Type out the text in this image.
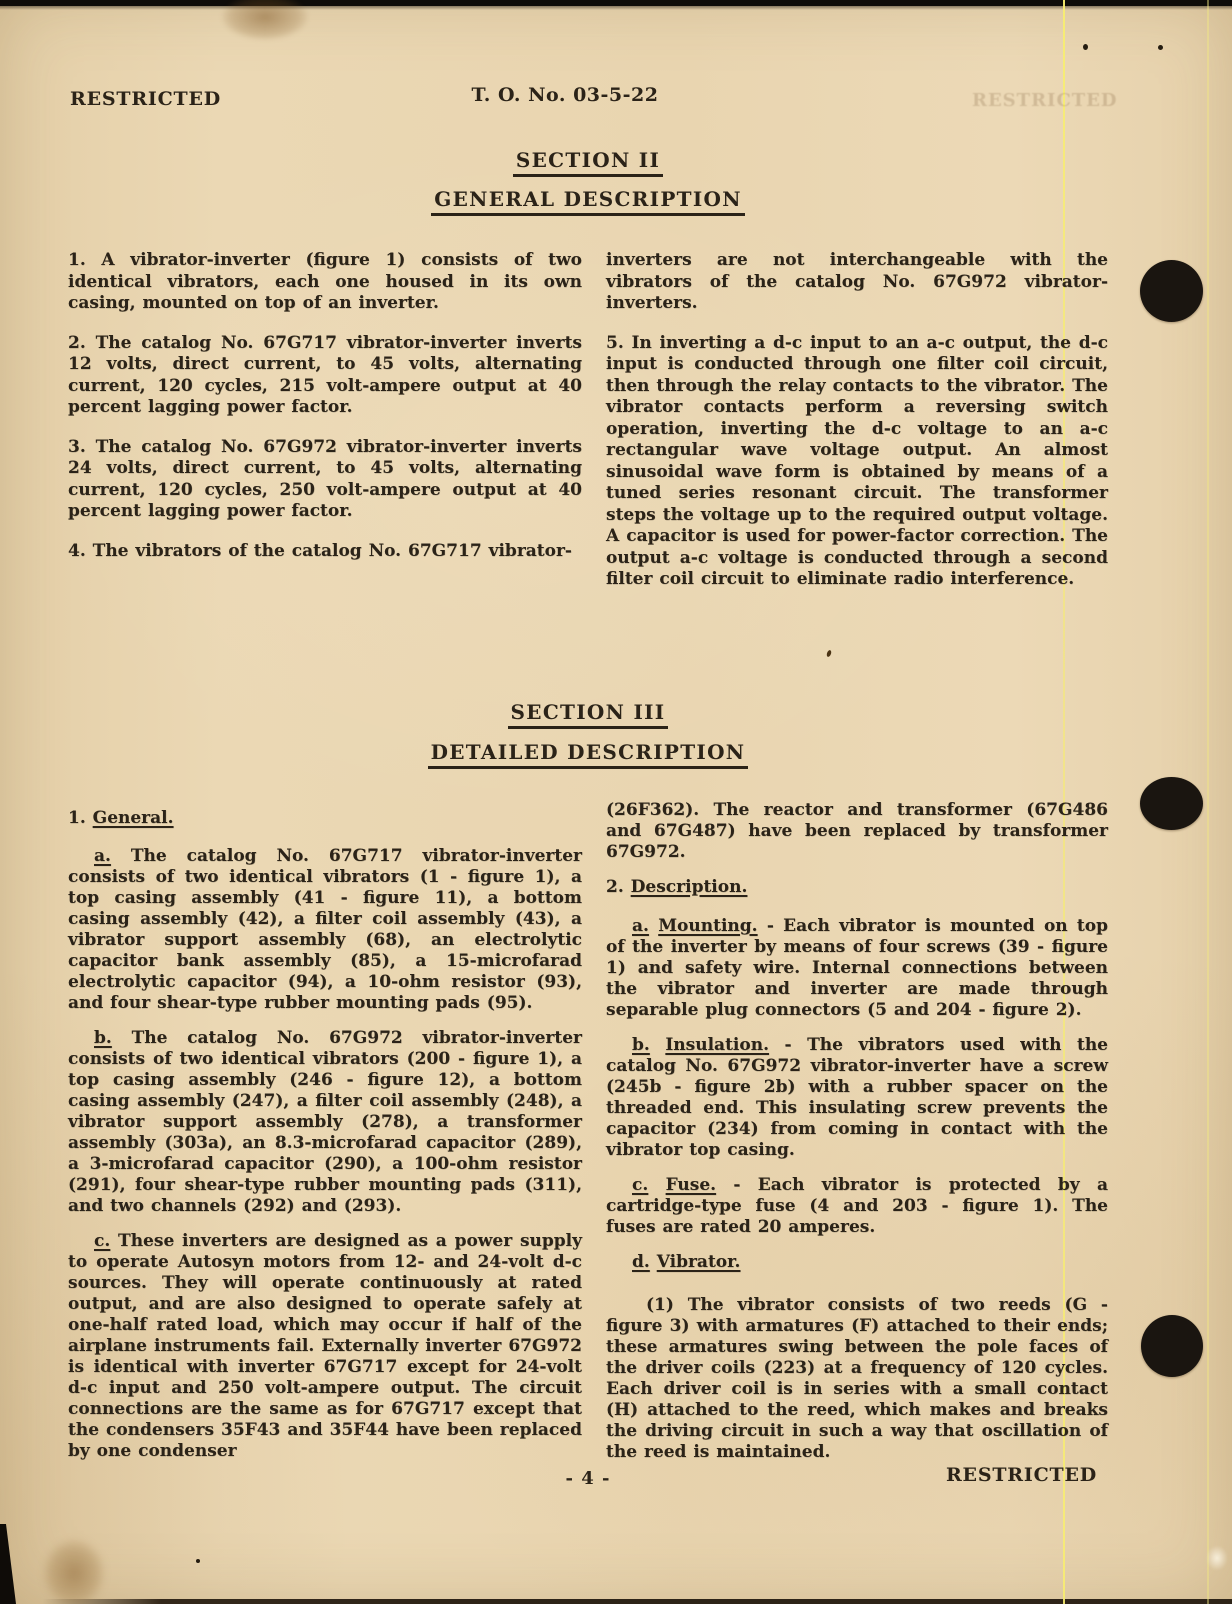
RESTRICTED
RESTRICTED	T. O. No. 03-5-22
SECTION II
GENERAL DESCRIPTION

1. A vibrator-inverter (figure 1) consists of two identical vibrators, each one housed in its own casing, mounted on top of an inverter.

2. The catalog No. 67G717 vibrator-inverter inverts 12 volts, direct current, to 45 volts, alternating current, 120 cycles, 215 volt-ampere output at 40 percent lagging power factor.

3. The catalog No. 67G972 vibrator-inverter inverts 24 volts, direct current, to 45 volts, alternating current, 120 cycles, 250 volt-ampere output at 40 percent lagging power factor.

4. The vibrators of the catalog No. 67G717 vibrator-

inverters are not interchangeable with the vibrators of the catalog No. 67G972 vibrator-inverters.

5. In inverting a d-c input to an a-c output, the d-c input is conducted through one filter coil circuit, then through the relay contacts to the vibrator. The vibrator contacts perform a reversing switch operation, inverting the d-c voltage to an a-c rectangular wave voltage output. An almost sinusoidal wave form is obtained by means of a tuned series resonant circuit. The transformer steps the voltage up to the required output voltage. A capacitor is used for power-factor correction. The output a-c voltage is conducted through a second filter coil circuit to eliminate radio interference.

SECTION III
DETAILED DESCRIPTION

1. General.

a. The catalog No. 67G717 vibrator-inverter consists of two identical vibrators (1 - figure 1), a top casing assembly (41 - figure 11), a bottom casing assembly (42), a filter coil assembly (43), a vibrator support assembly (68), an electrolytic capacitor bank assembly (85), a 15-microfarad electrolytic capacitor (94), a 10-ohm resistor (93), and four shear-type rubber mounting pads (95).

b. The catalog No. 67G972 vibrator-inverter consists of two identical vibrators (200 - figure 1), a top casing assembly (246 - figure 12), a bottom casing assembly (247), a filter coil assembly (248), a vibrator support assembly (278), a transformer assembly (303a), an 8.3-microfarad capacitor (289), a 3-microfarad capacitor (290), a 100-ohm resistor (291), four shear-type rubber mounting pads (311), and two channels (292) and (293).

c. These inverters are designed as a power supply to operate Autosyn motors from 12- and 24-volt d-c sources. They will operate continuously at rated output, and are also designed to operate safely at one-half rated load, which may occur if half of the airplane instruments fail. Externally inverter 67G972 is identical with inverter 67G717 except for 24-volt d-c input and 250 volt-ampere output. The circuit connections are the same as for 67G717 except that the condensers 35F43 and 35F44 have been replaced by one condenser

(26F362). The reactor and transformer (67G486 and 67G487) have been replaced by transformer 67G972.

2. Description.

a. Mounting. - Each vibrator is mounted on top of the inverter by means of four screws (39 - figure 1) and safety wire. Internal connections between the vibrator and inverter are made through separable plug connectors (5 and 204 - figure 2).

b. Insulation. - The vibrators used with the catalog No. 67G972 vibrator-inverter have a screw (245b - figure 2b) with a rubber spacer on the threaded end. This insulating screw prevents the capacitor (234) from coming in contact with the vibrator top casing.

c. Fuse. - Each vibrator is protected by a cartridge-type fuse (4 and 203 - figure 1). The fuses are rated 20 amperes.

d. Vibrator.

(1) The vibrator consists of two reeds (G - figure 3) with armatures (F) attached to their ends; these armatures swing between the pole faces of the driver coils (223) at a frequency of 120 cycles. Each driver coil is in series with a small contact (H) attached to the reed, which makes and breaks the driving circuit in such a way that oscillation of the reed is maintained.

- 4 -	RESTRICTED
